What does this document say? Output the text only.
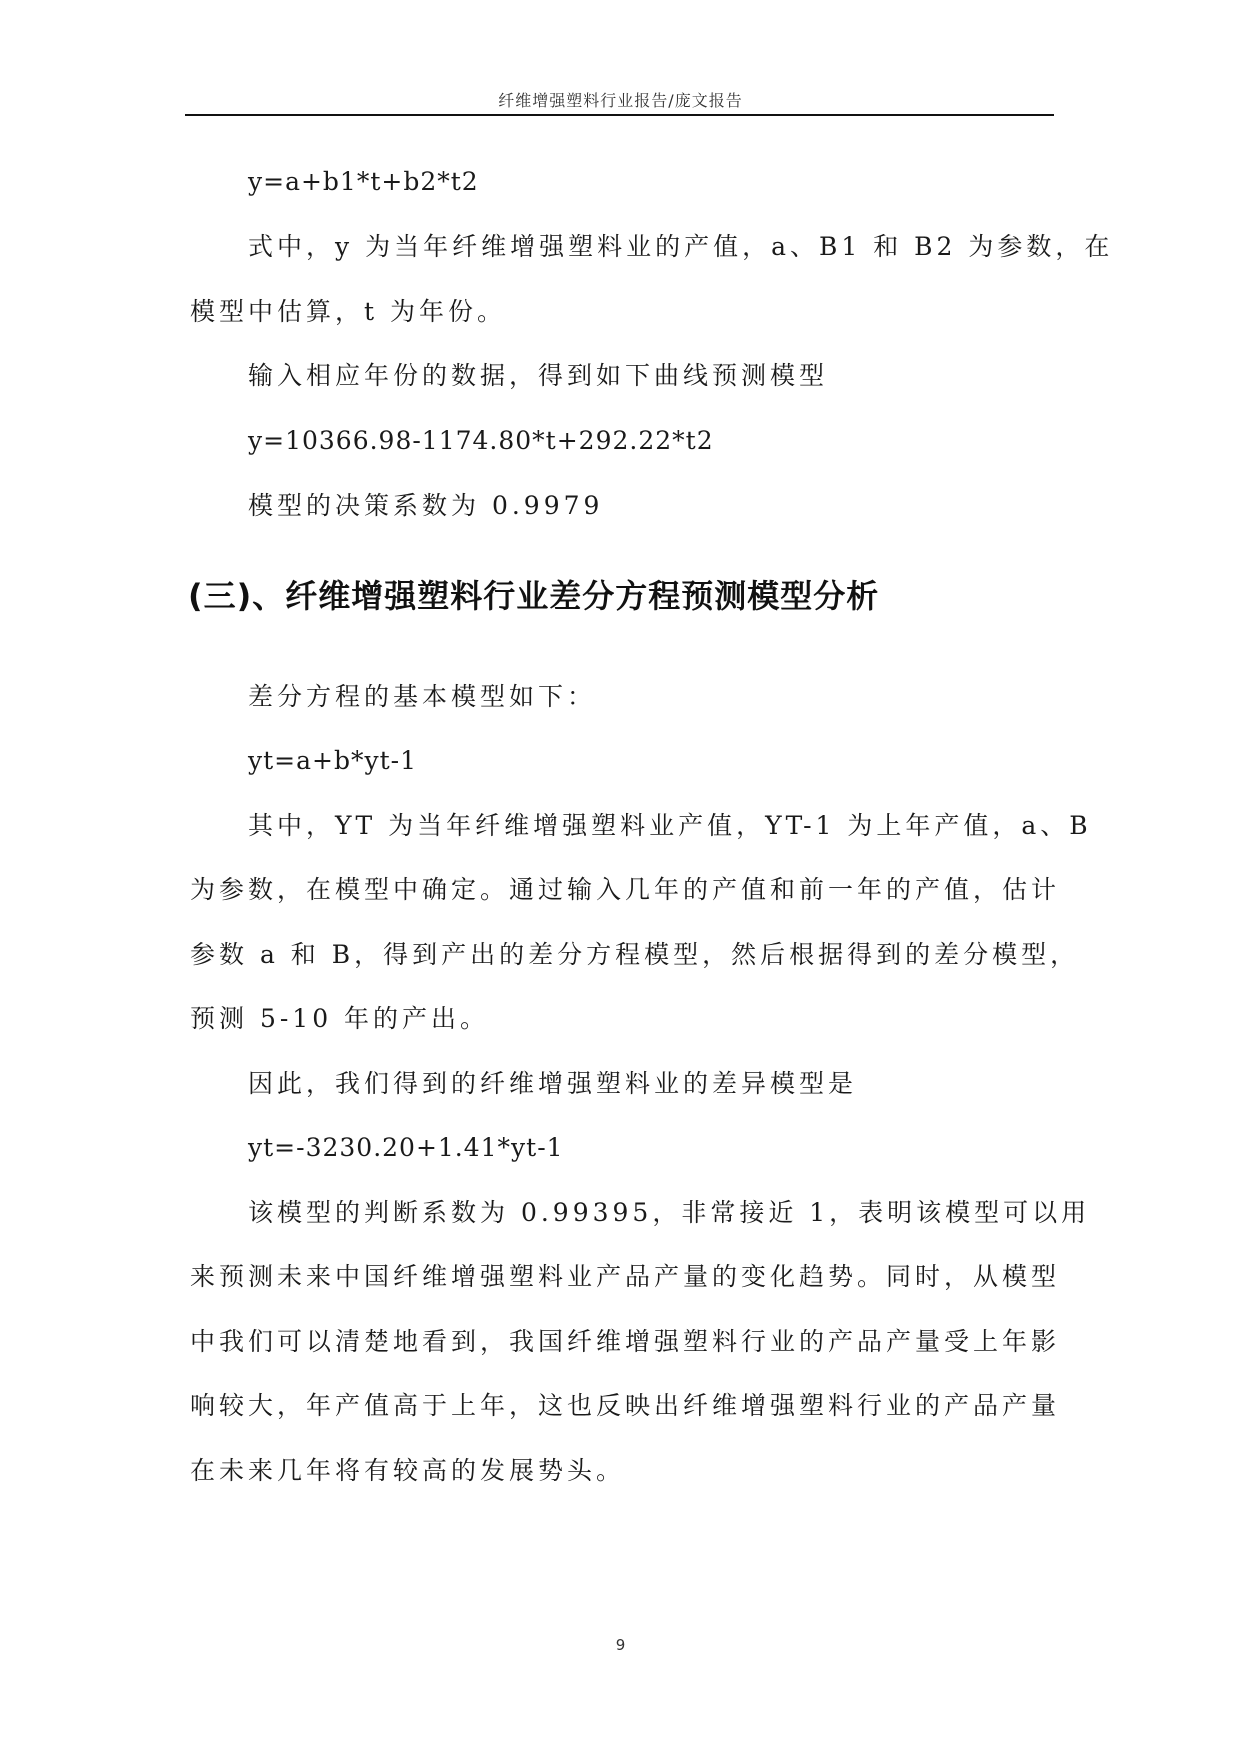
纤维增强塑料行业报告/庞文报告
y=a+b1*t+b2*t2
式中，y 为当年纤维增强塑料业的产值，a、B1 和 B2 为参数，在
模型中估算，t 为年份。
输入相应年份的数据，得到如下曲线预测模型
y=10366.98-1174.80*t+292.22*t2
模型的决策系数为 0.9979
(三)、纤维增强塑料行业差分方程预测模型分析
差分方程的基本模型如下：
yt=a+b*yt-1
其中，YT 为当年纤维增强塑料业产值，YT-1 为上年产值，a、B
为参数，在模型中确定。通过输入几年的产值和前一年的产值，估计
参数 a 和 B，得到产出的差分方程模型，然后根据得到的差分模型，
预测 5-10 年的产出。
因此，我们得到的纤维增强塑料业的差异模型是
yt=-3230.20+1.41*yt-1
该模型的判断系数为 0.99395，非常接近 1，表明该模型可以用
来预测未来中国纤维增强塑料业产品产量的变化趋势。同时，从模型
中我们可以清楚地看到，我国纤维增强塑料行业的产品产量受上年影
响较大，年产值高于上年，这也反映出纤维增强塑料行业的产品产量
在未来几年将有较高的发展势头。
9
